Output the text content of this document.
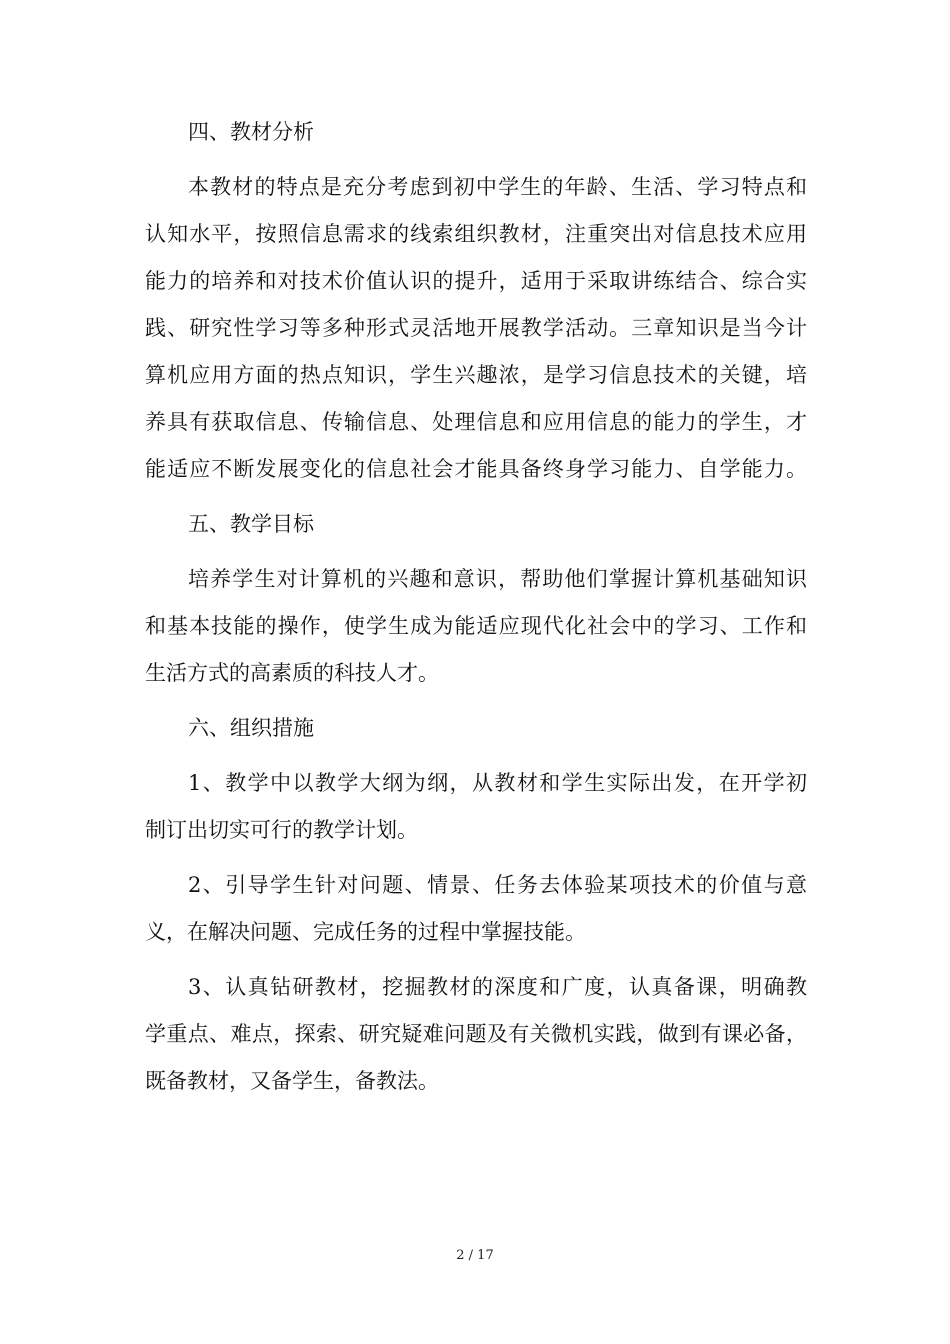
四、教材分析
本教材的特点是充分考虑到初中学生的年龄、生活、学习特点和
认知水平，按照信息需求的线索组织教材，注重突出对信息技术应用
能力的培养和对技术价值认识的提升，适用于采取讲练结合、综合实
践、研究性学习等多种形式灵活地开展教学活动。三章知识是当今计
算机应用方面的热点知识，学生兴趣浓，是学习信息技术的关键，培
养具有获取信息、传输信息、处理信息和应用信息的能力的学生，才
能适应不断发展变化的信息社会才能具备终身学习能力、自学能力。
五、教学目标
培养学生对计算机的兴趣和意识，帮助他们掌握计算机基础知识
和基本技能的操作，使学生成为能适应现代化社会中的学习、工作和
生活方式的高素质的科技人才。
六、组织措施
1、教学中以教学大纲为纲，从教材和学生实际出发，在开学初
制订出切实可行的教学计划。
2、引导学生针对问题、情景、任务去体验某项技术的价值与意
义，在解决问题、完成任务的过程中掌握技能。
3、认真钻研教材，挖掘教材的深度和广度，认真备课，明确教
学重点、难点，探索、研究疑难问题及有关微机实践，做到有课必备，
既备教材，又备学生，备教法。
2 / 17
